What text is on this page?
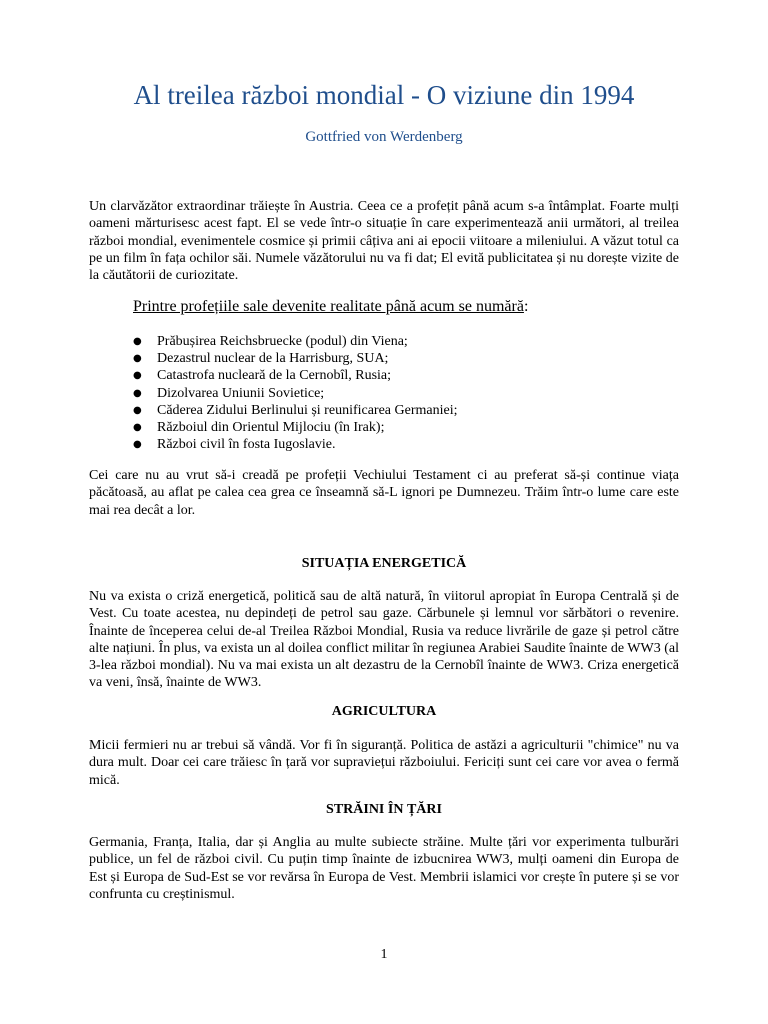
Al treilea război mondial - O viziune din 1994

Gottfried von Werdenberg

Un clarvăzător extraordinar trăiește în Austria. Ceea ce a profețit până acum s-a întâmplat. Foarte mulți oameni mărturisesc acest fapt. El se vede într-o situație în care experimentează anii următori, al treilea război mondial, evenimentele cosmice și primii câțiva ani ai epocii viitoare a mileniului. A văzut totul ca pe un film în fața ochilor săi. Numele văzătorului nu va fi dat; El evită publicitatea și nu dorește vizite de la căutătorii de curiozitate.

Printre profețiile sale devenite realitate până acum se numără:

● Prăbușirea Reichsbruecke (podul) din Viena;
● Dezastrul nuclear de la Harrisburg, SUA;
● Catastrofa nucleară de la Cernobîl, Rusia;
● Dizolvarea Uniunii Sovietice;
● Căderea Zidului Berlinului și reunificarea Germaniei;
● Războiul din Orientul Mijlociu (în Irak);
● Război civil în fosta Iugoslavie.

Cei care nu au vrut să-i creadă pe profeții Vechiului Testament ci au preferat să-și continue viața păcătoasă, au aflat pe calea cea grea ce înseamnă să-L ignori pe Dumnezeu. Trăim într-o lume care este mai rea decât a lor.

SITUAȚIA ENERGETICĂ

Nu va exista o criză energetică, politică sau de altă natură, în viitorul apropiat în Europa Centrală și de Vest. Cu toate acestea, nu depindeți de petrol sau gaze. Cărbunele și lemnul vor sărbători o revenire. Înainte de începerea celui de-al Treilea Război Mondial, Rusia va reduce livrările de gaze și petrol către alte națiuni. În plus, va exista un al doilea conflict militar în regiunea Arabiei Saudite înainte de WW3 (al 3-lea război mondial). Nu va mai exista un alt dezastru de la Cernobîl înainte de WW3. Criza energetică va veni, însă, înainte de WW3.

AGRICULTURA

Micii fermieri nu ar trebui să vândă. Vor fi în siguranță. Politica de astăzi a agriculturii "chimice" nu va dura mult. Doar cei care trăiesc în țară vor supraviețui războiului. Fericiți sunt cei care vor avea o fermă mică.

STRĂINI ÎN ȚĂRI

Germania, Franța, Italia, dar și Anglia au multe subiecte străine. Multe țări vor experimenta tulburări publice, un fel de război civil. Cu puțin timp înainte de izbucnirea WW3, mulți oameni din Europa de Est și Europa de Sud-Est se vor revărsa în Europa de Vest. Membrii islamici vor crește în putere și se vor confrunta cu creștinismul.

1
